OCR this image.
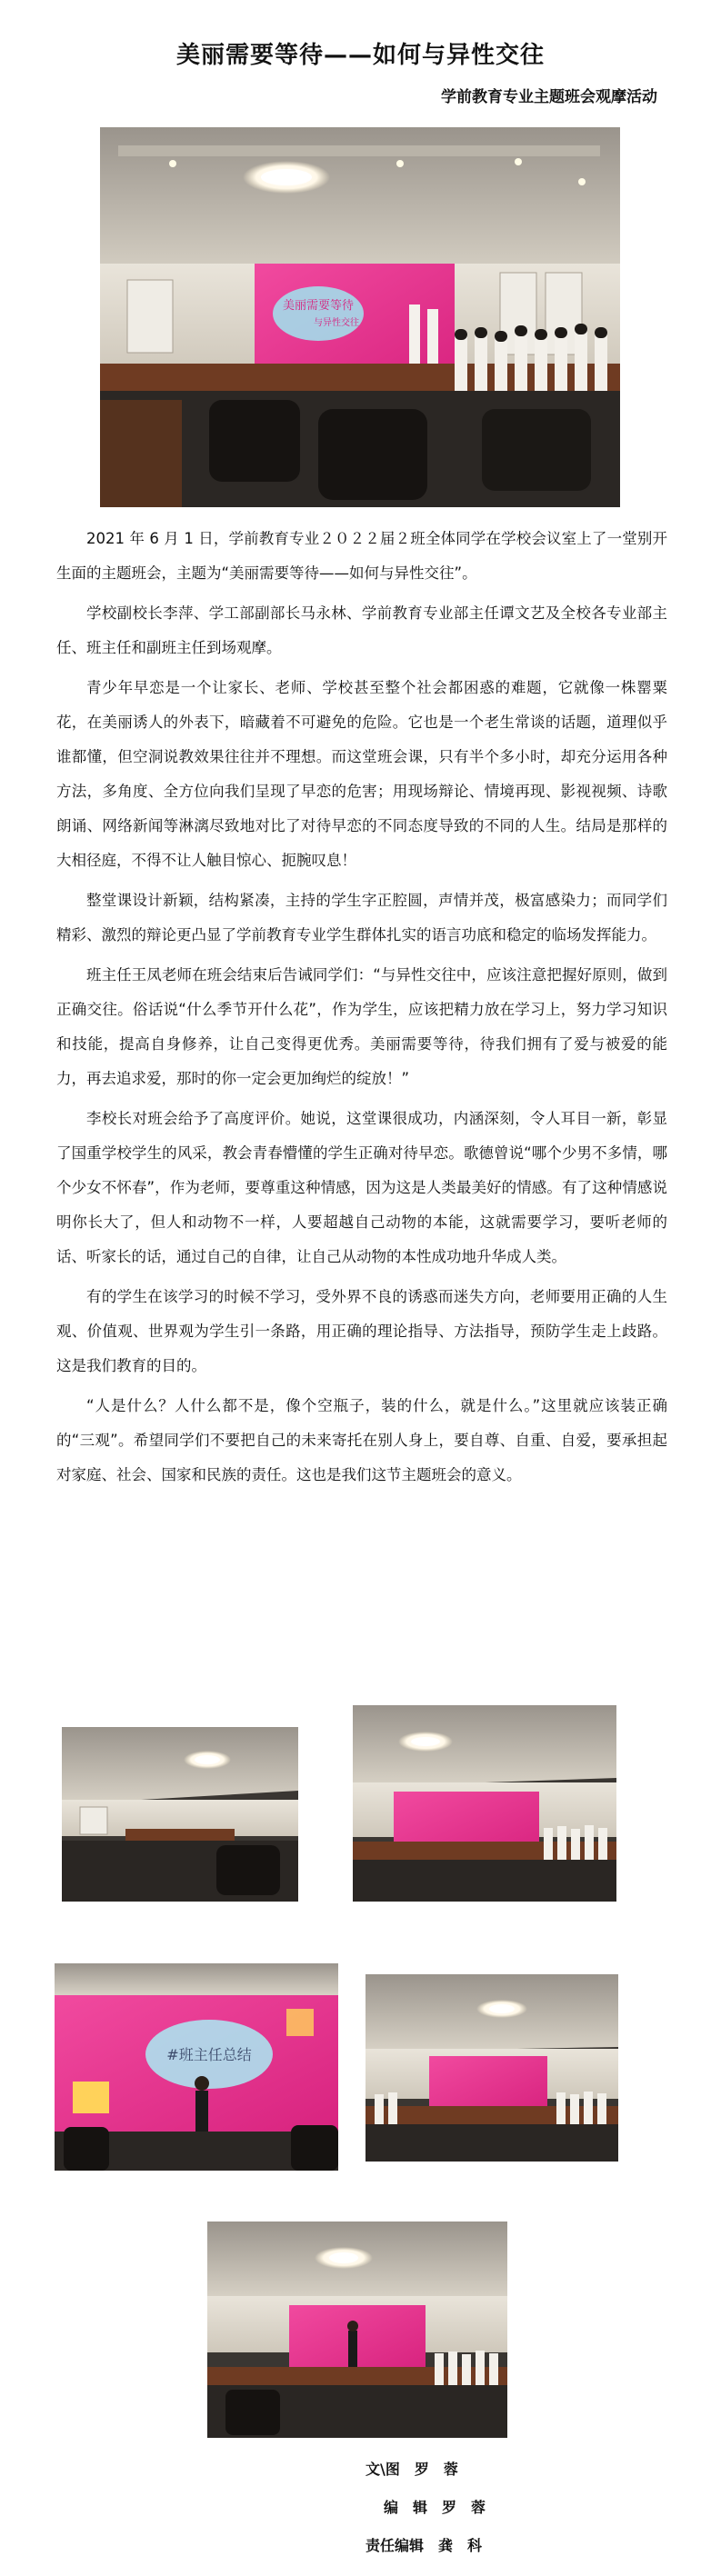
美丽需要等待——如何与异性交往
学前教育专业主题班会观摩活动
美丽需要等待
与异性交往

2021 年 6 月 1 日，学前教育专业２０２２届２班全体同学在学校会议室上了一堂别开生面的主题班会，主题为“美丽需要等待——如何与异性交往”。

学校副校长李萍、学工部副部长马永林、学前教育专业部主任谭文艺及全校各专业部主任、班主任和副班主任到场观摩。

青少年早恋是一个让家长、老师、学校甚至整个社会都困惑的难题，它就像一株罂粟花，在美丽诱人的外表下，暗藏着不可避免的危险。它也是一个老生常谈的话题，道理似乎谁都懂，但空洞说教效果往往并不理想。而这堂班会课，只有半个多小时，却充分运用各种方法，多角度、全方位向我们呈现了早恋的危害；用现场辩论、情境再现、影视视频、诗歌朗诵、网络新闻等淋漓尽致地对比了对待早恋的不同态度导致的不同的人生。结局是那样的大相径庭，不得不让人触目惊心、扼腕叹息！

整堂课设计新颖，结构紧凑，主持的学生字正腔圆，声情并茂，极富感染力；而同学们精彩、激烈的辩论更凸显了学前教育专业学生群体扎实的语言功底和稳定的临场发挥能力。

班主任王凤老师在班会结束后告诫同学们：“与异性交往中，应该注意把握好原则，做到正确交往。俗话说“什么季节开什么花”，作为学生，应该把精力放在学习上，努力学习知识和技能，提高自身修养，让自己变得更优秀。美丽需要等待，待我们拥有了爱与被爱的能力，再去追求爱，那时的你一定会更加绚烂的绽放！”

李校长对班会给予了高度评价。她说，这堂课很成功，内涵深刻，令人耳目一新，彰显了国重学校学生的风采，教会青春懵懂的学生正确对待早恋。歌德曾说“哪个少男不多情，哪个少女不怀春”，作为老师，要尊重这种情感，因为这是人类最美好的情感。有了这种情感说明你长大了，但人和动物不一样，人要超越自己动物的本能，这就需要学习，要听老师的话、听家长的话，通过自己的自律，让自己从动物的本性成功地升华成人类。

有的学生在该学习的时候不学习，受外界不良的诱惑而迷失方向，老师要用正确的人生观、价值观、世界观为学生引一条路，用正确的理论指导、方法指导，预防学生走上歧路。这是我们教育的目的。

“人是什么？人什么都不是，像个空瓶子，装的什么，就是什么。”这里就应该装正确的“三观”。希望同学们不要把自己的未来寄托在别人身上，要自尊、自重、自爱，要承担起对家庭、社会、国家和民族的责任。这也是我们这节主题班会的意义。

#班主任总结
文\图　罗　蓉
编　辑　罗　蓉
责任编辑　龚　科
